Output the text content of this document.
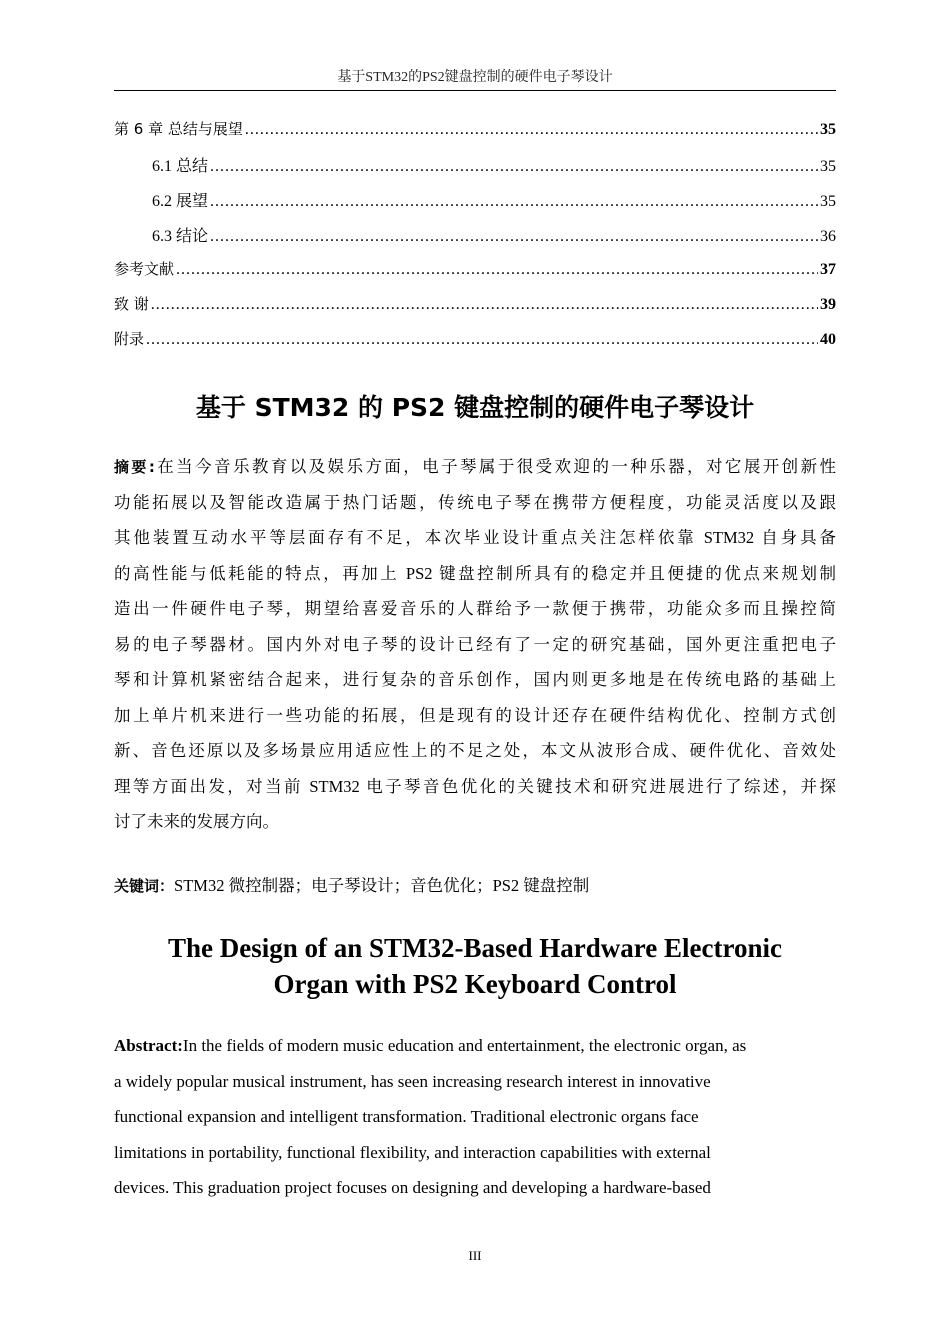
基于STM32的PS2键盘控制的硬件电子琴设计
第 6 章 总结与展望 .....	35
6.1 总结 .....	35
6.2 展望 .....	35
6.3 结论 .....	36
参考文献 .....	37
致 谢 .....	39
附录 .....	40
基于 STM32 的 PS2 键盘控制的硬件电子琴设计
摘要:在当今音乐教育以及娱乐方面，电子琴属于很受欢迎的一种乐器，对它展开创新性
功能拓展以及智能改造属于热门话题，传统电子琴在携带方便程度，功能灵活度以及跟
其他装置互动水平等层面存有不足，本次毕业设计重点关注怎样依靠 STM32 自身具备
的高性能与低耗能的特点，再加上 PS2 键盘控制所具有的稳定并且便捷的优点来规划制
造出一件硬件电子琴，期望给喜爱音乐的人群给予一款便于携带，功能众多而且操控简
易的电子琴器材。国内外对电子琴的设计已经有了一定的研究基础，国外更注重把电子
琴和计算机紧密结合起来，进行复杂的音乐创作，国内则更多地是在传统电路的基础上
加上单片机来进行一些功能的拓展，但是现有的设计还存在硬件结构优化、控制方式创
新、音色还原以及多场景应用适应性上的不足之处，本文从波形合成、硬件优化、音效处
理等方面出发，对当前 STM32 电子琴音色优化的关键技术和研究进展进行了综述，并探
讨了未来的发展方向。
关键词：STM32 微控制器；电子琴设计；音色优化；PS2 键盘控制
The Design of an STM32-Based Hardware Electronic
Organ with PS2 Keyboard Control
Abstract:In the fields of modern music education and entertainment, the electronic organ, as
a widely popular musical instrument, has seen increasing research interest in innovative
functional expansion and intelligent transformation. Traditional electronic organs face
limitations in portability, functional flexibility, and interaction capabilities with external
devices. This graduation project focuses on designing and developing a hardware-based
III
